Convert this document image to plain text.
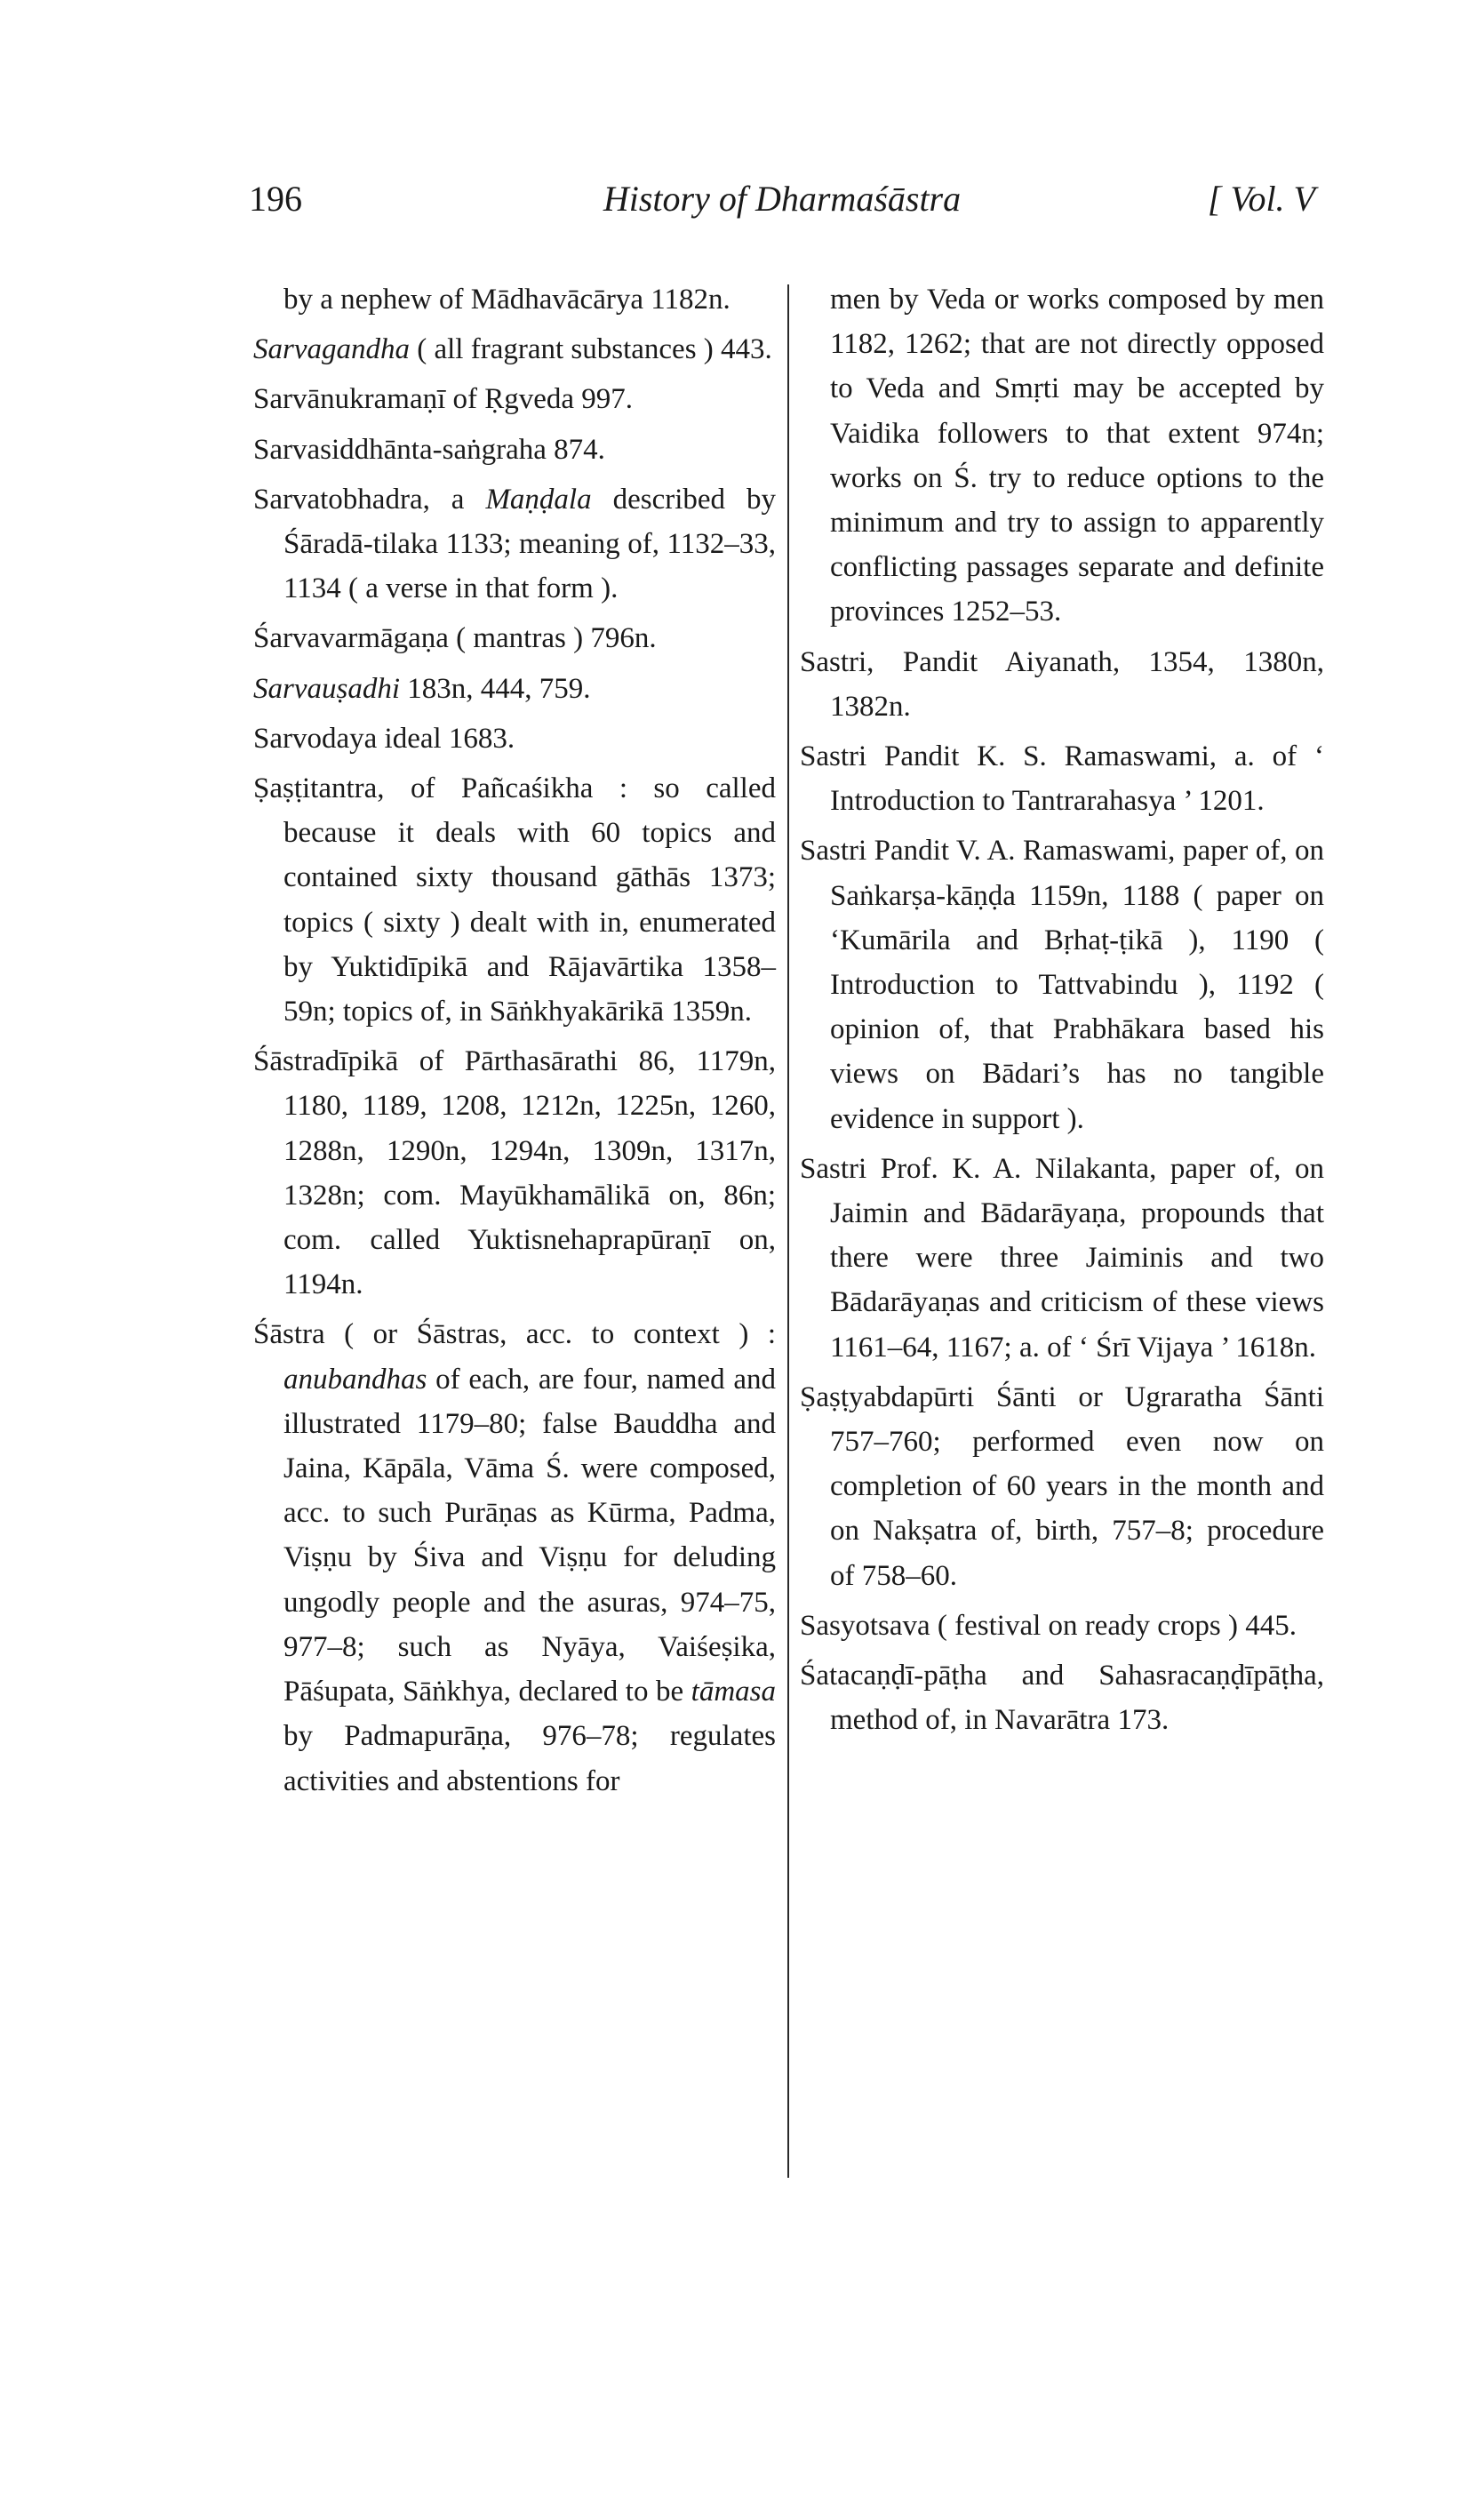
196	History of Dharmaśāstra	[ Vol. V

by a nephew of Mādhavācārya 1182n.

Sarvagandha ( all fragrant substances ) 443.

Sarvānukramaṇī of Ṛgveda 997.

Sarvasiddhānta-saṅgraha 874.

Sarvatobhadra, a Maṇḍala described by Śāradā-tilaka 1133; meaning of, 1132–33, 1134 ( a verse in that form ).

Śarvavarmāgaṇa ( mantras ) 796n.

Sarvauṣadhi 183n, 444, 759.

Sarvodaya ideal 1683.

Ṣaṣṭitantra, of Pañcaśikha : so called because it deals with 60 topics and contained sixty thousand gāthās 1373; topics ( sixty ) dealt with in, enumerated by Yuktidīpikā and Rājavārtika 1358–59n; topics of, in Sāṅkhyakārikā 1359n.

Śāstradīpikā of Pārthasārathi 86, 1179n, 1180, 1189, 1208, 1212n, 1225n, 1260, 1288n, 1290n, 1294n, 1309n, 1317n, 1328n; com. Mayūkhamālikā on, 86n; com. called Yuktisnehaprapūraṇī on, 1194n.

Śāstra ( or Śāstras, acc. to context ) : anubandhas of each, are four, named and illustrated 1179–80; false Bauddha and Jaina, Kāpāla, Vāma Ś. were composed, acc. to such Purāṇas as Kūrma, Padma, Viṣṇu by Śiva and Viṣṇu for deluding ungodly people and the asuras, 974–75, 977–8; such as Nyāya, Vaiśeṣika, Pāśupata, Sāṅkhya, declared to be tāmasa by Padmapurāṇa, 976–78; regulates activities and abstentions for

men by Veda or works composed by men 1182, 1262; that are not directly opposed to Veda and Smṛti may be accepted by Vaidika followers to that extent 974n; works on Ś. try to reduce options to the minimum and try to assign to apparently conflicting passages separate and definite provinces 1252–53.

Sastri, Pandit Aiyanath, 1354, 1380n, 1382n.

Sastri Pandit K. S. Ramaswami, a. of ‘ Introduction to Tantrarahasya ’ 1201.

Sastri Pandit V. A. Ramaswami, paper of, on Saṅkarṣa-kāṇḍa 1159n, 1188 ( paper on ‘Kumārila and Bṛhaṭ-ṭikā ), 1190 ( Introduction to Tattvabindu ), 1192 ( opinion of, that Prabhākara based his views on Bādari’s has no tangible evidence in support ).

Sastri Prof. K. A. Nilakanta, paper of, on Jaimin and Bādarāyaṇa, propounds that there were three Jaiminis and two Bādarāyaṇas and criticism of these views 1161–64, 1167; a. of ‘ Śrī Vijaya ’ 1618n.

Ṣaṣṭyabdapūrti Śānti or Ugraratha Śānti 757–760; performed even now on completion of 60 years in the month and on Nakṣatra of, birth, 757–8; procedure of 758–60.

Sasyotsava ( festival on ready crops ) 445.

Śatacaṇḍī-pāṭha and Sahasracaṇḍīpāṭha, method of, in Navarātra 173.
